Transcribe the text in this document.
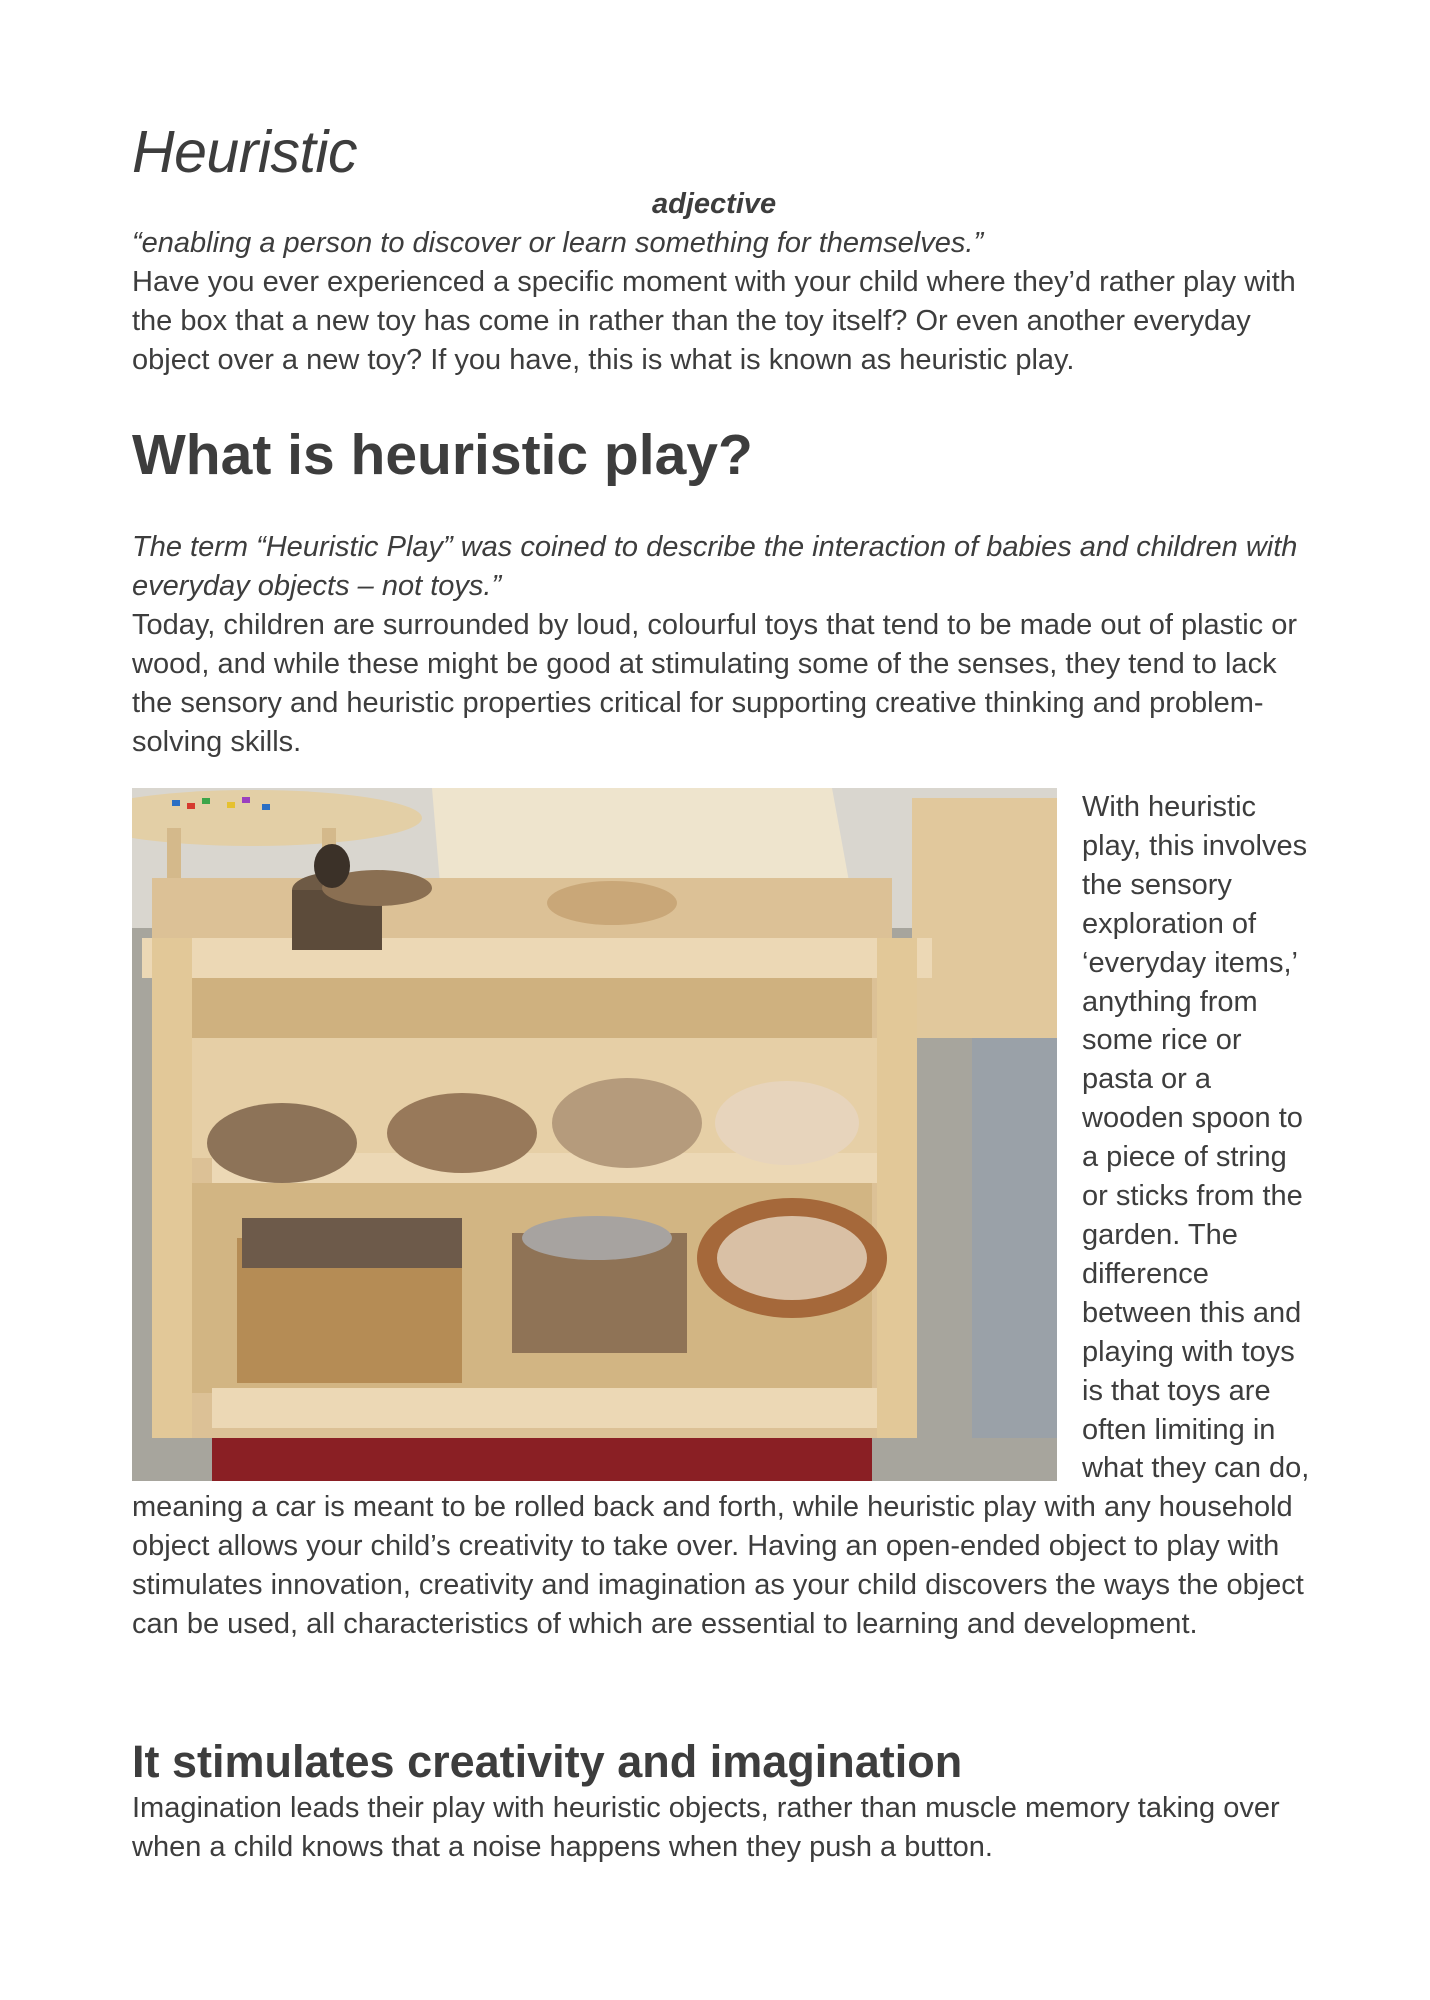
Heuristic

adjective

“enabling a person to discover or learn something for themselves.”

Have you ever experienced a specific moment with your child where they’d rather play with the box that a new toy has come in rather than the toy itself? Or even another everyday object over a new toy? If you have, this is what is known as heuristic play.

What is heuristic play?

The term “Heuristic Play” was coined to describe the interaction of babies and children with everyday objects – not toys.”

Today, children are surrounded by loud, colourful toys that tend to be made out of plastic or wood, and while these might be good at stimulating some of the senses, they tend to lack the sensory and heuristic properties critical for supporting creative thinking and problem-solving skills.

With heuristic play, this involves the sensory exploration of ‘everyday items,’ anything from some rice or pasta or a wooden spoon to a piece of string or sticks from the garden. The difference between this and playing with toys is that toys are often limiting in what they can do, meaning a car is meant to be rolled back and forth, while heuristic play with any household object allows your child’s creativity to take over. Having an open-ended object to play with stimulates innovation, creativity and imagination as your child discovers the ways the object can be used, all characteristics of which are essential to learning and development.
It stimulates creativity and imagination

Imagination leads their play with heuristic objects, rather than muscle memory taking over when a child knows that a noise happens when they push a button.
